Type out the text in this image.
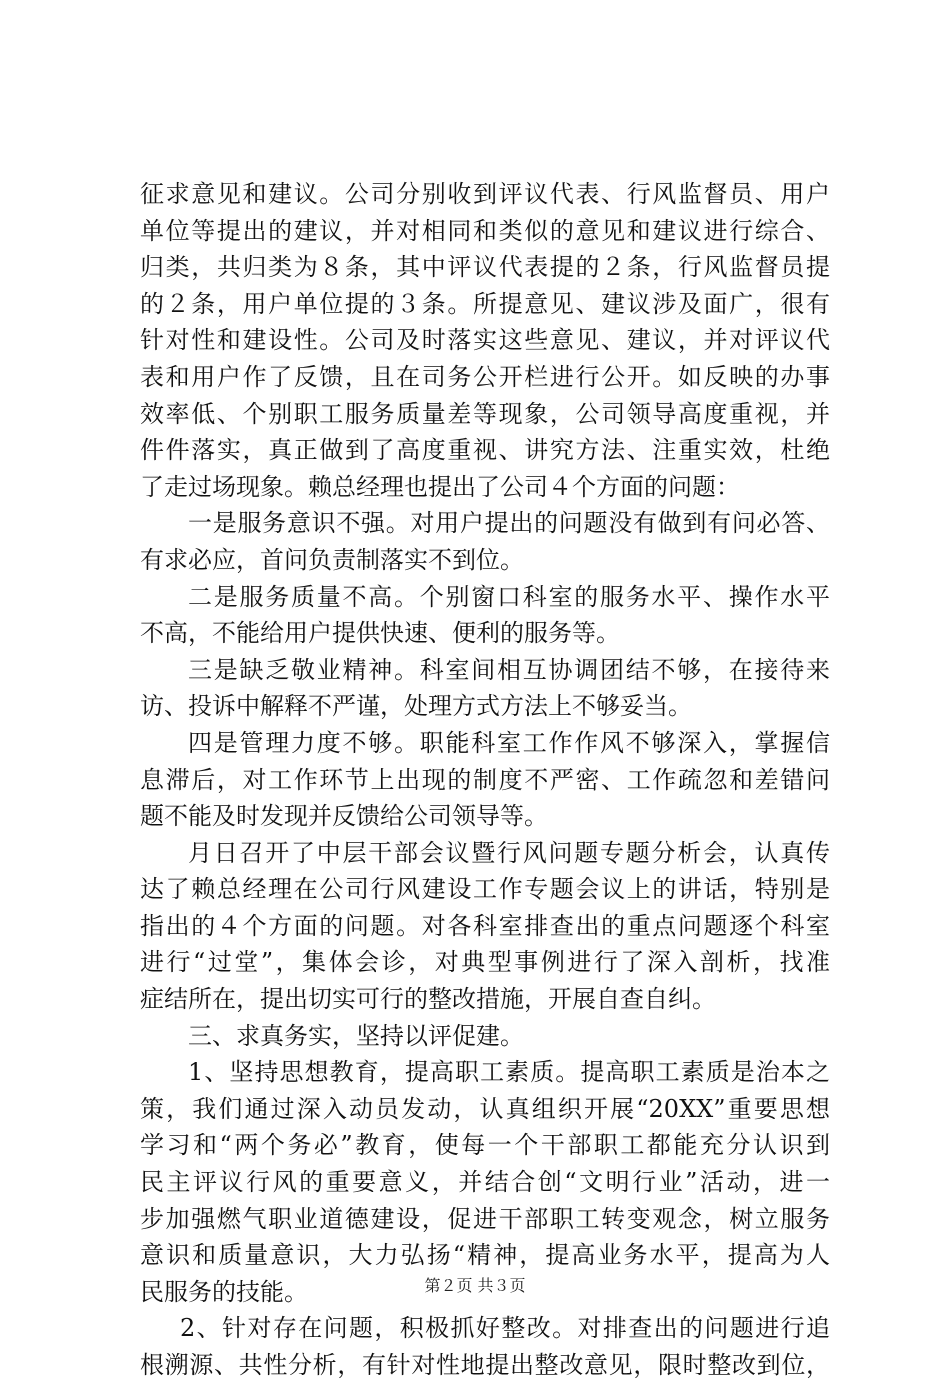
征求意见和建议。公司分别收到评议代表、行风监督员、用户
单位等提出的建议，并对相同和类似的意见和建议进行综合、
归类，共归类为８条，其中评议代表提的２条，行风监督员提
的２条，用户单位提的３条。所提意见、建议涉及面广，很有
针对性和建设性。公司及时落实这些意见、建议，并对评议代
表和用户作了反馈，且在司务公开栏进行公开。如反映的办事
效率低、个别职工服务质量差等现象，公司领导高度重视，并
件件落实，真正做到了高度重视、讲究方法、注重实效，杜绝
了走过场现象。赖总经理也提出了公司４个方面的问题：
一是服务意识不强。对用户提出的问题没有做到有问必答、
有求必应，首问负责制落实不到位。
二是服务质量不高。个别窗口科室的服务水平、操作水平
不高，不能给用户提供快速、便利的服务等。
三是缺乏敬业精神。科室间相互协调团结不够，在接待来
访、投诉中解释不严谨，处理方式方法上不够妥当。
四是管理力度不够。职能科室工作作风不够深入，掌握信
息滞后，对工作环节上出现的制度不严密、工作疏忽和差错问
题不能及时发现并反馈给公司领导等。
月日召开了中层干部会议暨行风问题专题分析会，认真传
达了赖总经理在公司行风建设工作专题会议上的讲话，特别是
指出的４个方面的问题。对各科室排查出的重点问题逐个科室
进行“过堂”，集体会诊，对典型事例进行了深入剖析，找准
症结所在，提出切实可行的整改措施，开展自查自纠。
三、求真务实，坚持以评促建。
1、坚持思想教育，提高职工素质。提高职工素质是治本之
策，我们通过深入动员发动，认真组织开展“20XX”重要思想
学习和“两个务必”教育，使每一个干部职工都能充分认识到
民主评议行风的重要意义，并结合创“文明行业”活动，进一
步加强燃气职业道德建设，促进干部职工转变观念，树立服务
意识和质量意识，大力弘扬“精神，提高业务水平，提高为人
民服务的技能。
2、针对存在问题，积极抓好整改。对排查出的问题进行追
根溯源、共性分析，有针对性地提出整改意见，限时整改到位，
第２页 共３页
